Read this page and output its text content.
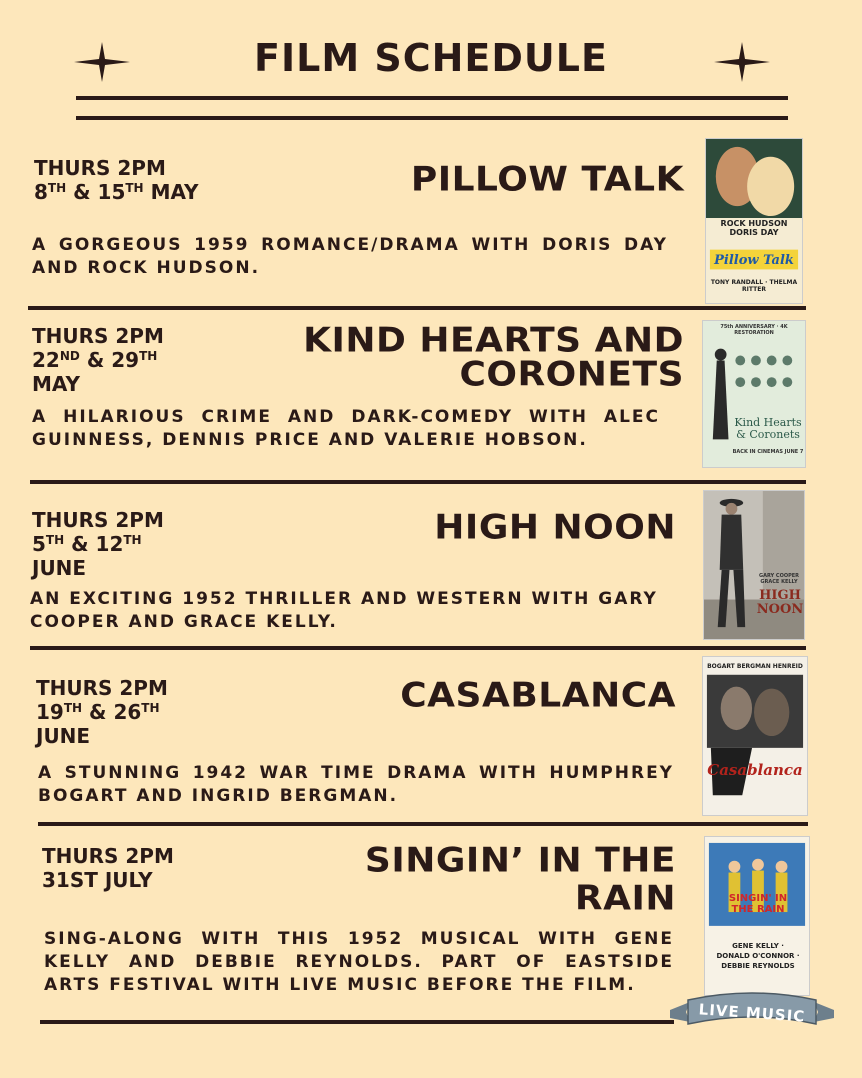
FILM SCHEDULE
THURS 2PM
8TH & 15TH MAY	PILLOW TALK
A GORGEOUS 1959 ROMANCE/DRAMA WITH DORIS DAY AND ROCK HUDSON.
ROCK HUDSON DORIS DAY
Pillow Talk
TONY RANDALL · THELMA RITTER
THURS 2PM
22ND & 29TH
MAY
KIND HEARTS AND
CORONETS
A HILARIOUS CRIME AND DARK-COMEDY WITH ALEC GUINNESS, DENNIS PRICE AND VALERIE HOBSON.
75th ANNIVERSARY · 4K RESTORATION
Kind Hearts & Coronets
BACK IN CINEMAS JUNE 7
THURS 2PM
5TH & 12TH
JUNE
HIGH NOON
AN EXCITING 1952 THRILLER AND WESTERN WITH GARY COOPER AND GRACE KELLY.
GARY COOPER GRACE KELLY
HIGH NOON
THURS 2PM
19TH & 26TH
JUNE
CASABLANCA
A STUNNING 1942 WAR TIME DRAMA WITH HUMPHREY BOGART AND INGRID BERGMAN.
BOGART BERGMAN HENREID
Casablanca
THURS 2PM
31ST JULY	SINGIN’ IN THE
RAIN
SING-ALONG WITH THIS 1952 MUSICAL WITH GENE KELLY AND DEBBIE REYNOLDS. PART OF EASTSIDE ARTS FESTIVAL WITH LIVE MUSIC BEFORE THE FILM.
SINGIN' IN THE RAIN
GENE KELLY · DONALD O'CONNOR · DEBBIE REYNOLDS
LIVE MUSIC
